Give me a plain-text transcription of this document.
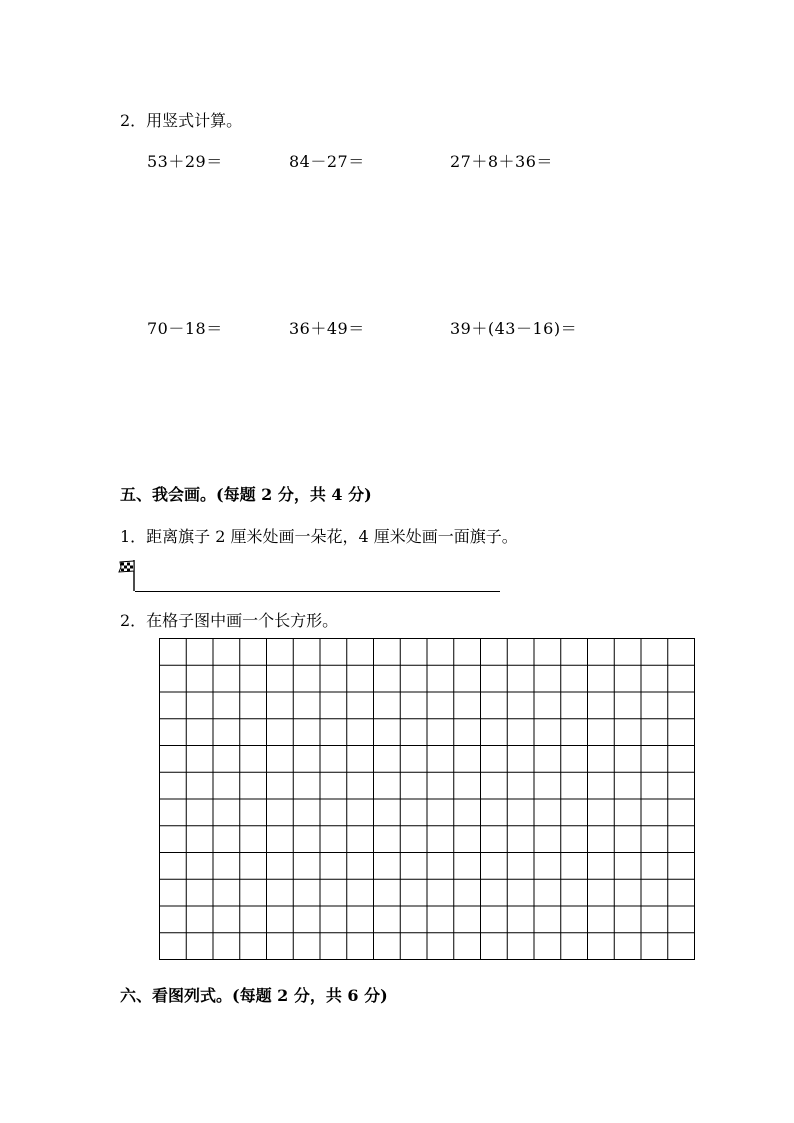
2．用竖式计算。
53＋29＝	84－27＝	27＋8＋36＝
70－18＝	36＋49＝	39＋(43－16)＝
五、我会画。(每题 2 分，共 4 分)
1．距离旗子 2 厘米处画一朵花，4 厘米处画一面旗子。
2．在格子图中画一个长方形。
六、看图列式。(每题 2 分，共 6 分)
